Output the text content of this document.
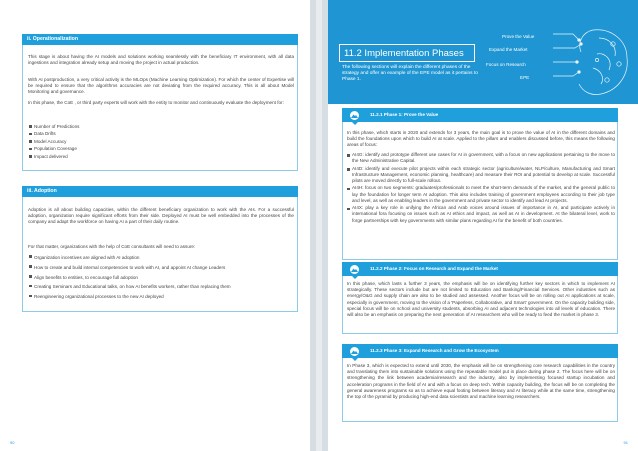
ii. Operationalization

This stage is about having the AI models and solutions working seamlessly with the beneficiary IT environment, with all data ingestions and integration already setup and moving the project in actual production.

With AI postproduction, a very critical activity is the MLOps (Machine Learning Optimization). For which the center of Expertise will be required to ensure that the algorithms accuracies are not deviating from the required accuracy. This is all about Model Monitoring and governance.

In this phase, the CoE , or third party experts will work with the entity to monitor and continuously evaluate the deployment for:

Number of Predictions
Data Drifts
Model Accuracy
Population Coverage
Impact delivered
iii. Adoption

Adoption is all about building capacities, within the different beneficiary organization to work with the AIs. For a successful adoption, organization require significant efforts from their side. Deployed AI must be well embedded into the processes of the company and adapt the workforce on having AI a part of their daily routine.

For that matter, organizations with the help of CoE consultants will need to assure:

Organization incentives are aligned with AI adoption
How to create and build internal competencies to work with AI, and appoint AI change Leaders
Align benefits to entities, to encourage full adoption
Creating Seminars and Educational talks, on how AI benefits workers, rather than replacing them
Reengineering organizational processes to the new AI deployed
90	91
11.2 Implementation Phases

The following sections will explain the different phases of the strategy and offer an example of the EPE model as it pertains to Phase 1.

Prove the Value
Expand the Market
Focus on Research
EPE
11.2.1 Phase 1: Prove the Value

In this phase, which starts in 2020 and extends for 3 years, the main goal is to prove the value of AI in the different domains and build the foundations upon which to build AI at scale. Applied to the pillars and enablers discussed before, this means the following areas of focus:

AI4G: identify and prototype different use cases for AI in government, with a focus on new applications pertaining to the move to the New Administrative Capital.
AI4D: identify and execute pilot projects within each strategic sector (agriculture/water, NLP/culture, Manufacturing and Smart Infrastructure Management, economic planning, healthcare) and measure their ROI and potential to develop at scale. Successful pilots are moved directly to full-scale rollout.
AI4H: focus on two segments: graduates/professionals to meet the short-term demands of the market, and the general public to lay the foundation for longer term AI adoption. This also includes training of government employees according to their job type and level, as well as enabling leaders in the government and private sector to identify and lead AI projects.
AI4X: play a key role in unifying the African and Arab voices around issues of importance in AI, and participate actively in international fora focusing on issues such as AI ethics and impact, as well as AI in development. At the bilateral level, work to forge partnerships with key governments with similar plans regarding AI for the benefit of both countries.
11.2.2 Phase 2: Focus on Research and Expand the Market

In this phase, which lasts a further 3 years, the emphasis will be on identifying further key sectors in which to implement AI strategically. These sectors include but are not limited to Education and Banking/Financial Services. Other industries such as energy/O&G and supply chain are also to be studied and assessed. Another focus will be on rolling out AI applications at scale, especially in government, moving to the vision of a 'Paperless, Collaborative, and Smart' government. On the capacity building side, special focus will be on school and university students, absorbing AI and adjacent technologies into all levels of education. There will also be an emphasis on preparing the next generation of AI researchers who will be ready to feed the market in phase 3.

11.2.3 Phase 3: Expand Research and Grow the Ecosystem

In Phase 3, which is expected to extend until 2030, the emphasis will be on strengthening core research capabilities in the country and translating them into sustainable solutions using the repeatable model put in place during phase 2. The focus here will be on strengthening the link between academia/research and the industry, also by implementing focused startup incubation and acceleration programs in the field of AI and with a focus on deep tech. Within capacity building, the focus will be on completing the general awareness programs so as to achieve equal footing between literacy and AI literacy while at the same time, strengthening the top of the pyramid by producing high-end data scientists and machine learning researchers.
